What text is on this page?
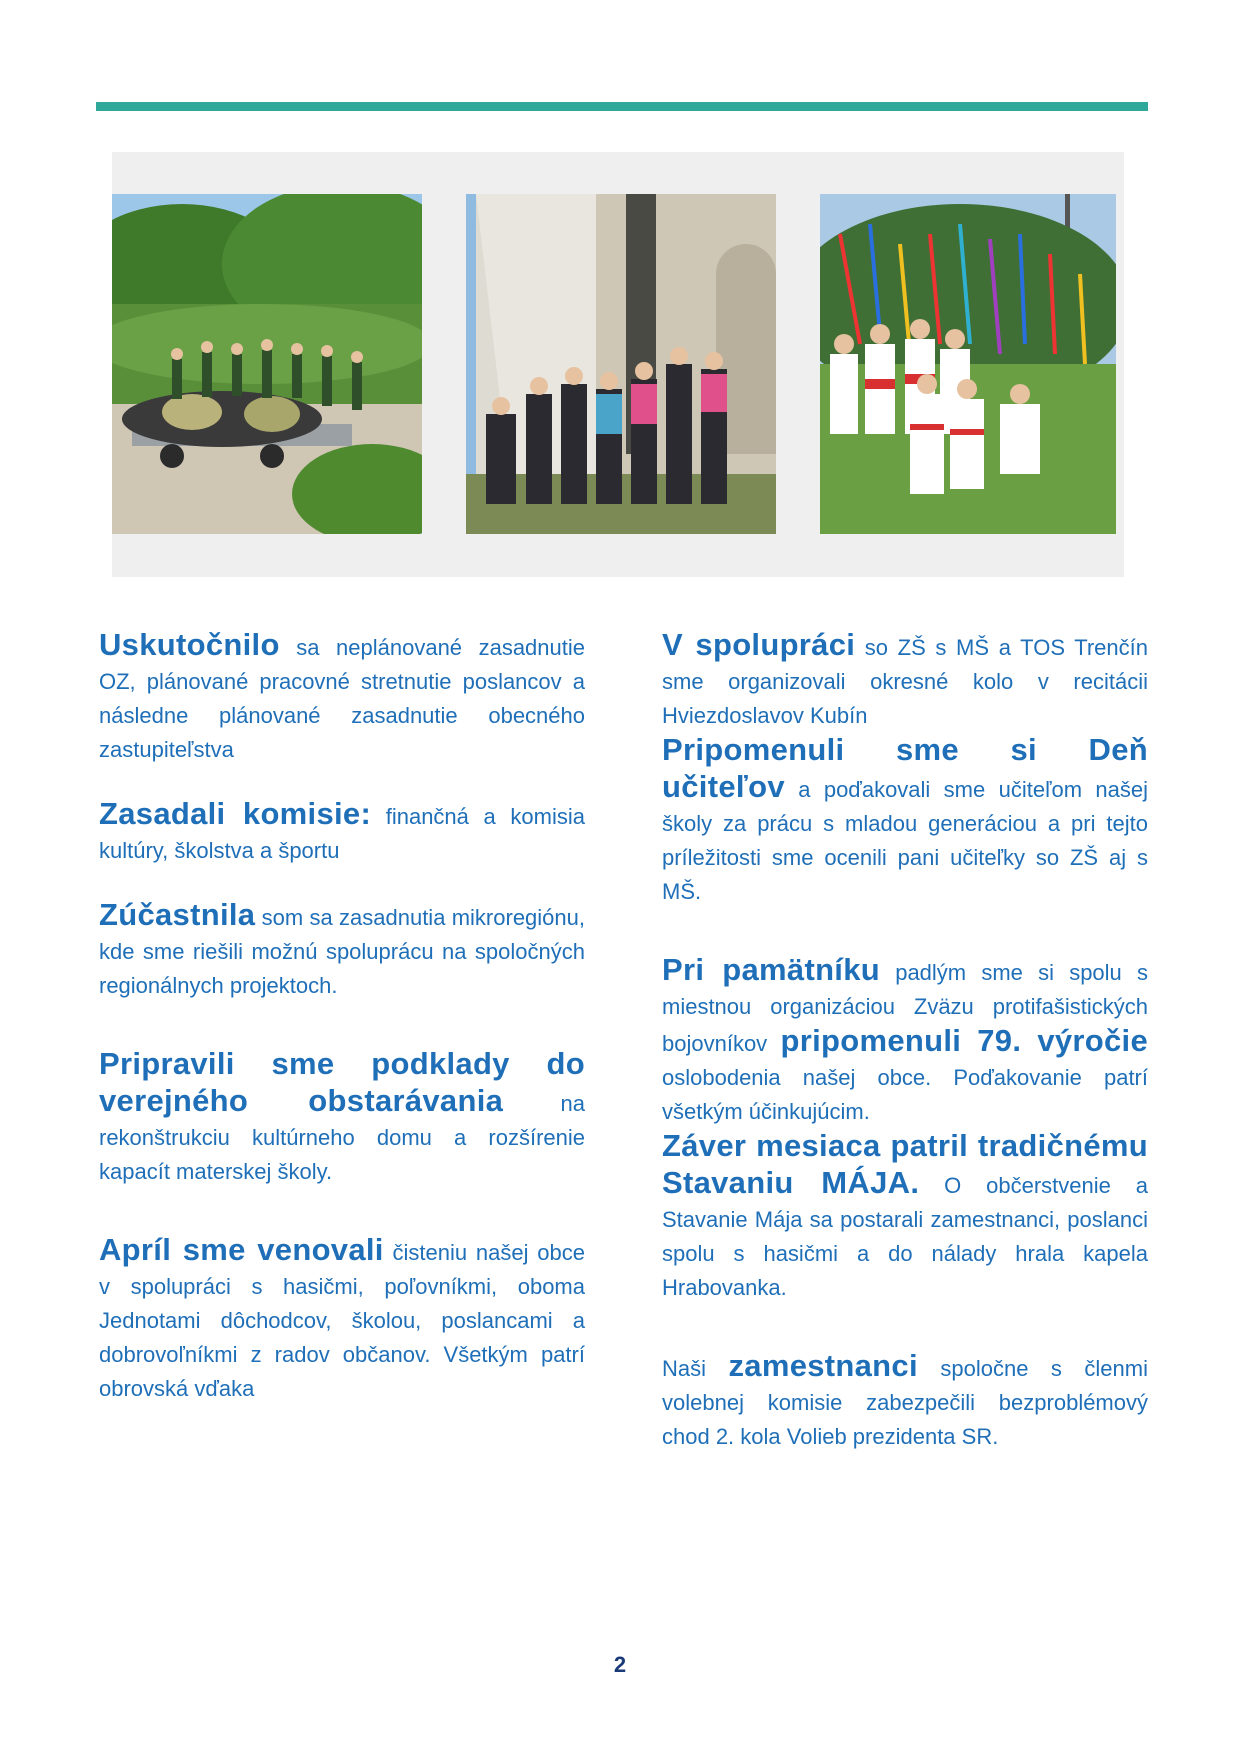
Uskutočnilo sa neplánované zasadnutie OZ, plánované pracovné stretnutie poslancov a následne plánované zasadnutie obecného zastupiteľstva

Zasadali komisie: finančná a komisia kultúry, školstva a športu

Zúčastnila som sa zasadnutia mikroregiónu, kde sme riešili možnú spoluprácu na spoločných regionálnych projektoch.

Pripravili sme podklady do verejného obstarávania na rekonštrukciu kultúrneho domu a rozšírenie kapacít materskej školy.

Apríl sme venovali čisteniu našej obce v spolupráci s hasičmi, poľovníkmi, oboma Jednotami dôchodcov, školou, poslancami a dobrovoľníkmi z radov občanov. Všetkým patrí obrovská vďaka

V spolupráci so ZŠ s MŠ a TOS Trenčín sme organizovali okresné kolo v recitácii Hviezdoslavov Kubín

Pripomenuli sme si Deň učiteľov a poďakovali sme učiteľom našej školy za prácu s mladou generáciou a pri tejto príležitosti sme ocenili pani učiteľky so ZŠ aj s MŠ.

Pri pamätníku padlým sme si spolu s miestnou organizáciou Zväzu protifašistických bojovníkov pripomenuli 79. výročie oslobodenia našej obce. Poďakovanie patrí všetkým účinkujúcim.

Záver mesiaca patril tradičnému Stavaniu MÁJA. O občerstvenie a Stavanie Mája sa postarali zamestnanci, poslanci spolu s hasičmi a do nálady hrala kapela Hrabovanka.

Naši zamestnanci spoločne s členmi volebnej komisie zabezpečili bezproblémový chod 2. kola Volieb prezidenta SR.

2
